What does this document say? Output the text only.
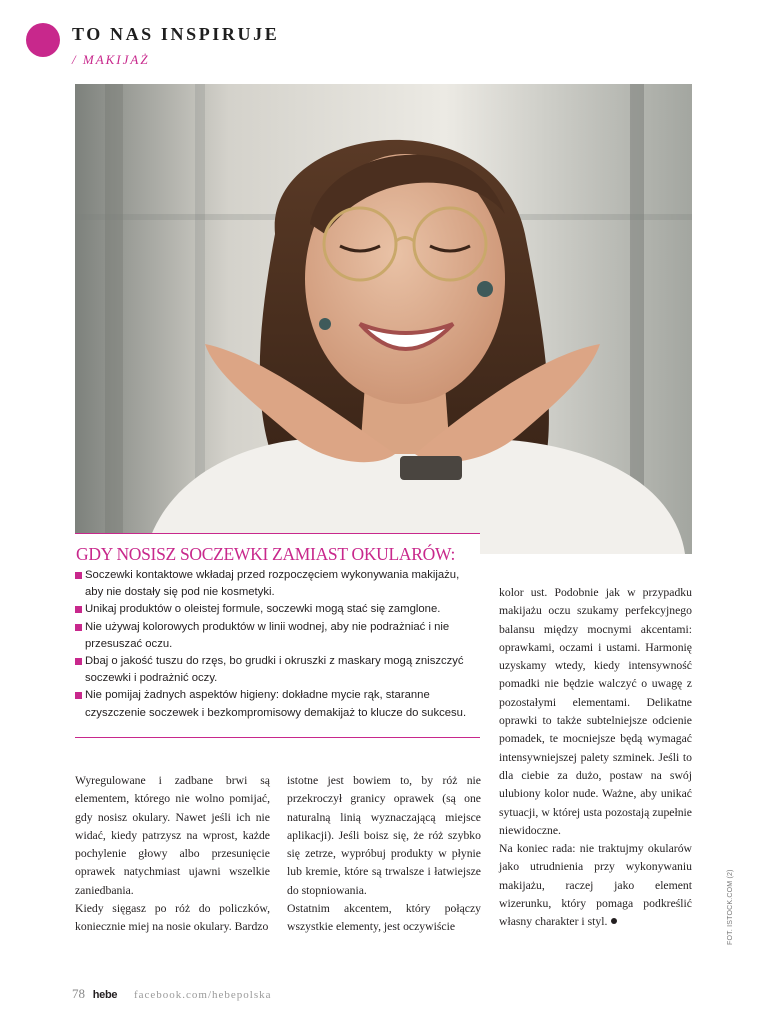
TO NAS INSPIRUJE
/ MAKIJAŻ
GDY NOSISZ SOCZEWKI ZAMIAST OKULARÓW:
Soczewki kontaktowe wkładaj przed rozpoczęciem wykonywania makijażu, aby nie dostały się pod nie kosmetyki.
Unikaj produktów o oleistej formule, soczewki mogą stać się zamglone.
Nie używaj kolorowych produktów w linii wodnej, aby nie podrażniać i nie przesuszać oczu.
Dbaj o jakość tuszu do rzęs, bo grudki i okruszki z maskary mogą zniszczyć soczewki i podrażnić oczy.
Nie pomijaj żadnych aspektów higieny: dokładne mycie rąk, staranne czyszczenie soczewek i bezkompromisowy demakijaż to klucze do sukcesu.

Wyregulowane i zadbane brwi są elementem, którego nie wolno pomijać, gdy nosisz okulary. Nawet jeśli ich nie widać, kiedy patrzysz na wprost, każde pochylenie głowy albo przesunięcie oprawek natychmiast ujawni wszelkie zaniedbania.

Kiedy sięgasz po róż do policzków, koniecznie miej na nosie okulary. Bardzo

istotne jest bowiem to, by róż nie przekroczył granicy oprawek (są one naturalną linią wyznaczającą miejsce aplikacji). Jeśli boisz się, że róż szybko się zetrze, wypróbuj produkty w płynie lub kremie, które są trwalsze i łatwiejsze do stopniowania.

Ostatnim akcentem, który połączy wszystkie elementy, jest oczywiście

kolor ust. Podobnie jak w przypadku makijażu oczu szukamy perfekcyjnego balansu między mocnymi akcentami: oprawkami, oczami i ustami. Harmonię uzyskamy wtedy, kiedy intensywność pomadki nie będzie walczyć o uwagę z pozostałymi elementami. Delikatne oprawki to także subtelniejsze odcienie pomadek, te mocniejsze będą wymagać intensywniejszej palety szminek. Jeśli to dla ciebie za dużo, postaw na swój ulubiony kolor nude. Ważne, aby unikać sytuacji, w której usta pozostają zupełnie niewidoczne.

Na koniec rada: nie traktujmy okularów jako utrudnienia przy wykonywaniu makijażu, raczej jako element wizerunku, który pomaga podkreślić własny charakter i styl.	FOT. ISTOCK.COM (2)
78 hebe facebook.com/hebepolska
